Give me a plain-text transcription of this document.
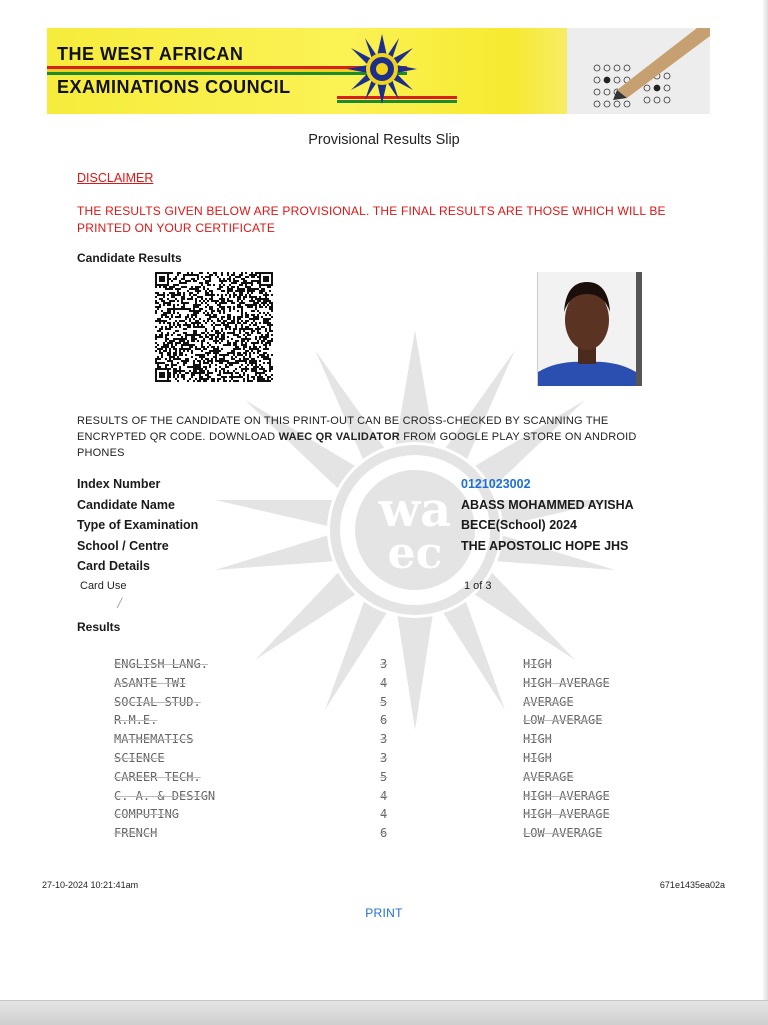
wa
ec
THE WEST AFRICAN
EXAMINATIONS COUNCIL
Provisional Results Slip
DISCLAIMER
THE RESULTS GIVEN BELOW ARE PROVISIONAL. THE FINAL RESULTS ARE THOSE WHICH WILL BE PRINTED ON YOUR CERTIFICATE
Candidate Results
RESULTS OF THE CANDIDATE ON THIS PRINT-OUT CAN BE CROSS-CHECKED BY SCANNING THE ENCRYPTED QR CODE. DOWNLOAD WAEC QR VALIDATOR FROM GOOGLE PLAY STORE ON ANDROID PHONES
Index Number	0121023002
Candidate Name	ABASS MOHAMMED AYISHA
Type of Examination	BECE(School) 2024
School / Centre	THE APOSTOLIC HOPE JHS
Card Details
Card Use	1 of 3
╱
Results
ENGLISH LANG.	3	HIGH
ASANTE TWI	4	HIGH AVERAGE
SOCIAL STUD.	5	AVERAGE
R.M.E.	6	LOW AVERAGE
MATHEMATICS	3	HIGH
SCIENCE	3	HIGH
CAREER TECH.	5	AVERAGE
C. A. & DESIGN	4	HIGH AVERAGE
COMPUTING	4	HIGH AVERAGE
FRENCH	6	LOW AVERAGE
27-10-2024 10:21:41am	671e1435ea02a
PRINT
